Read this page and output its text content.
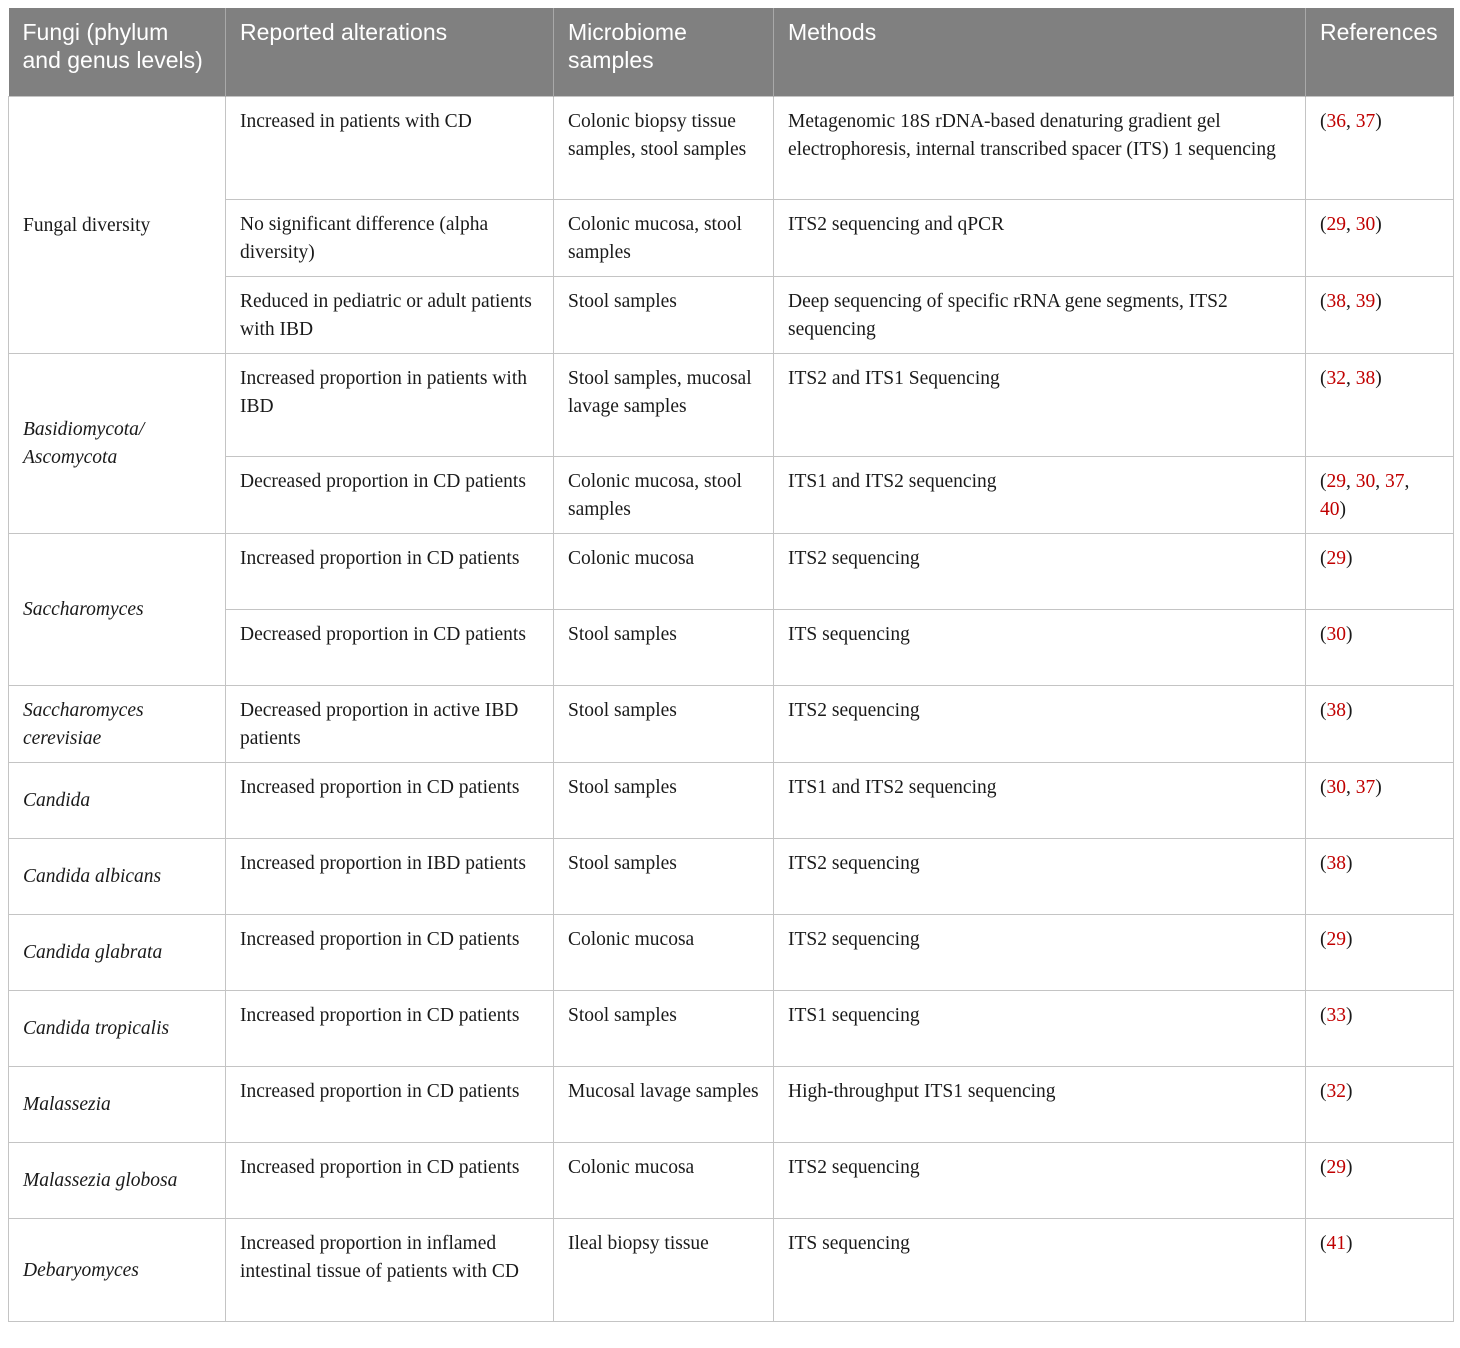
Fungi (phylum and genus levels)	Reported alterations	Microbiome samples	Methods	References
Fungal diversity	Increased in patients with CD	Colonic biopsy tissue samples, stool samples	Metagenomic 18S rDNA-based denaturing gradient gel electrophoresis, internal transcribed spacer (ITS) 1 sequencing	(36, 37)
	No significant difference (alpha diversity)	Colonic mucosa, stool samples	ITS2 sequencing and qPCR	(29, 30)
	Reduced in pediatric or adult patients with IBD	Stool samples	Deep sequencing of specific rRNA gene segments, ITS2 sequencing	(38, 39)
Basidiomycota/ Ascomycota	Increased proportion in patients with IBD	Stool samples, mucosal lavage samples	ITS2 and ITS1 Sequencing	(32, 38)
	Decreased proportion in CD patients	Colonic mucosa, stool samples	ITS1 and ITS2 sequencing	(29, 30, 37, 40)
Saccharomyces	Increased proportion in CD patients	Colonic mucosa	ITS2 sequencing	(29)
	Decreased proportion in CD patients	Stool samples	ITS sequencing	(30)
Saccharomyces cerevisiae	Decreased proportion in active IBD patients	Stool samples	ITS2 sequencing	(38)
Candida	Increased proportion in CD patients	Stool samples	ITS1 and ITS2 sequencing	(30, 37)
Candida albicans	Increased proportion in IBD patients	Stool samples	ITS2 sequencing	(38)
Candida glabrata	Increased proportion in CD patients	Colonic mucosa	ITS2 sequencing	(29)
Candida tropicalis	Increased proportion in CD patients	Stool samples	ITS1 sequencing	(33)
Malassezia	Increased proportion in CD patients	Mucosal lavage samples	High-throughput ITS1 sequencing	(32)
Malassezia globosa	Increased proportion in CD patients	Colonic mucosa	ITS2 sequencing	(29)
Debaryomyces	Increased proportion in inflamed intestinal tissue of patients with CD	Ileal biopsy tissue	ITS sequencing	(41)
